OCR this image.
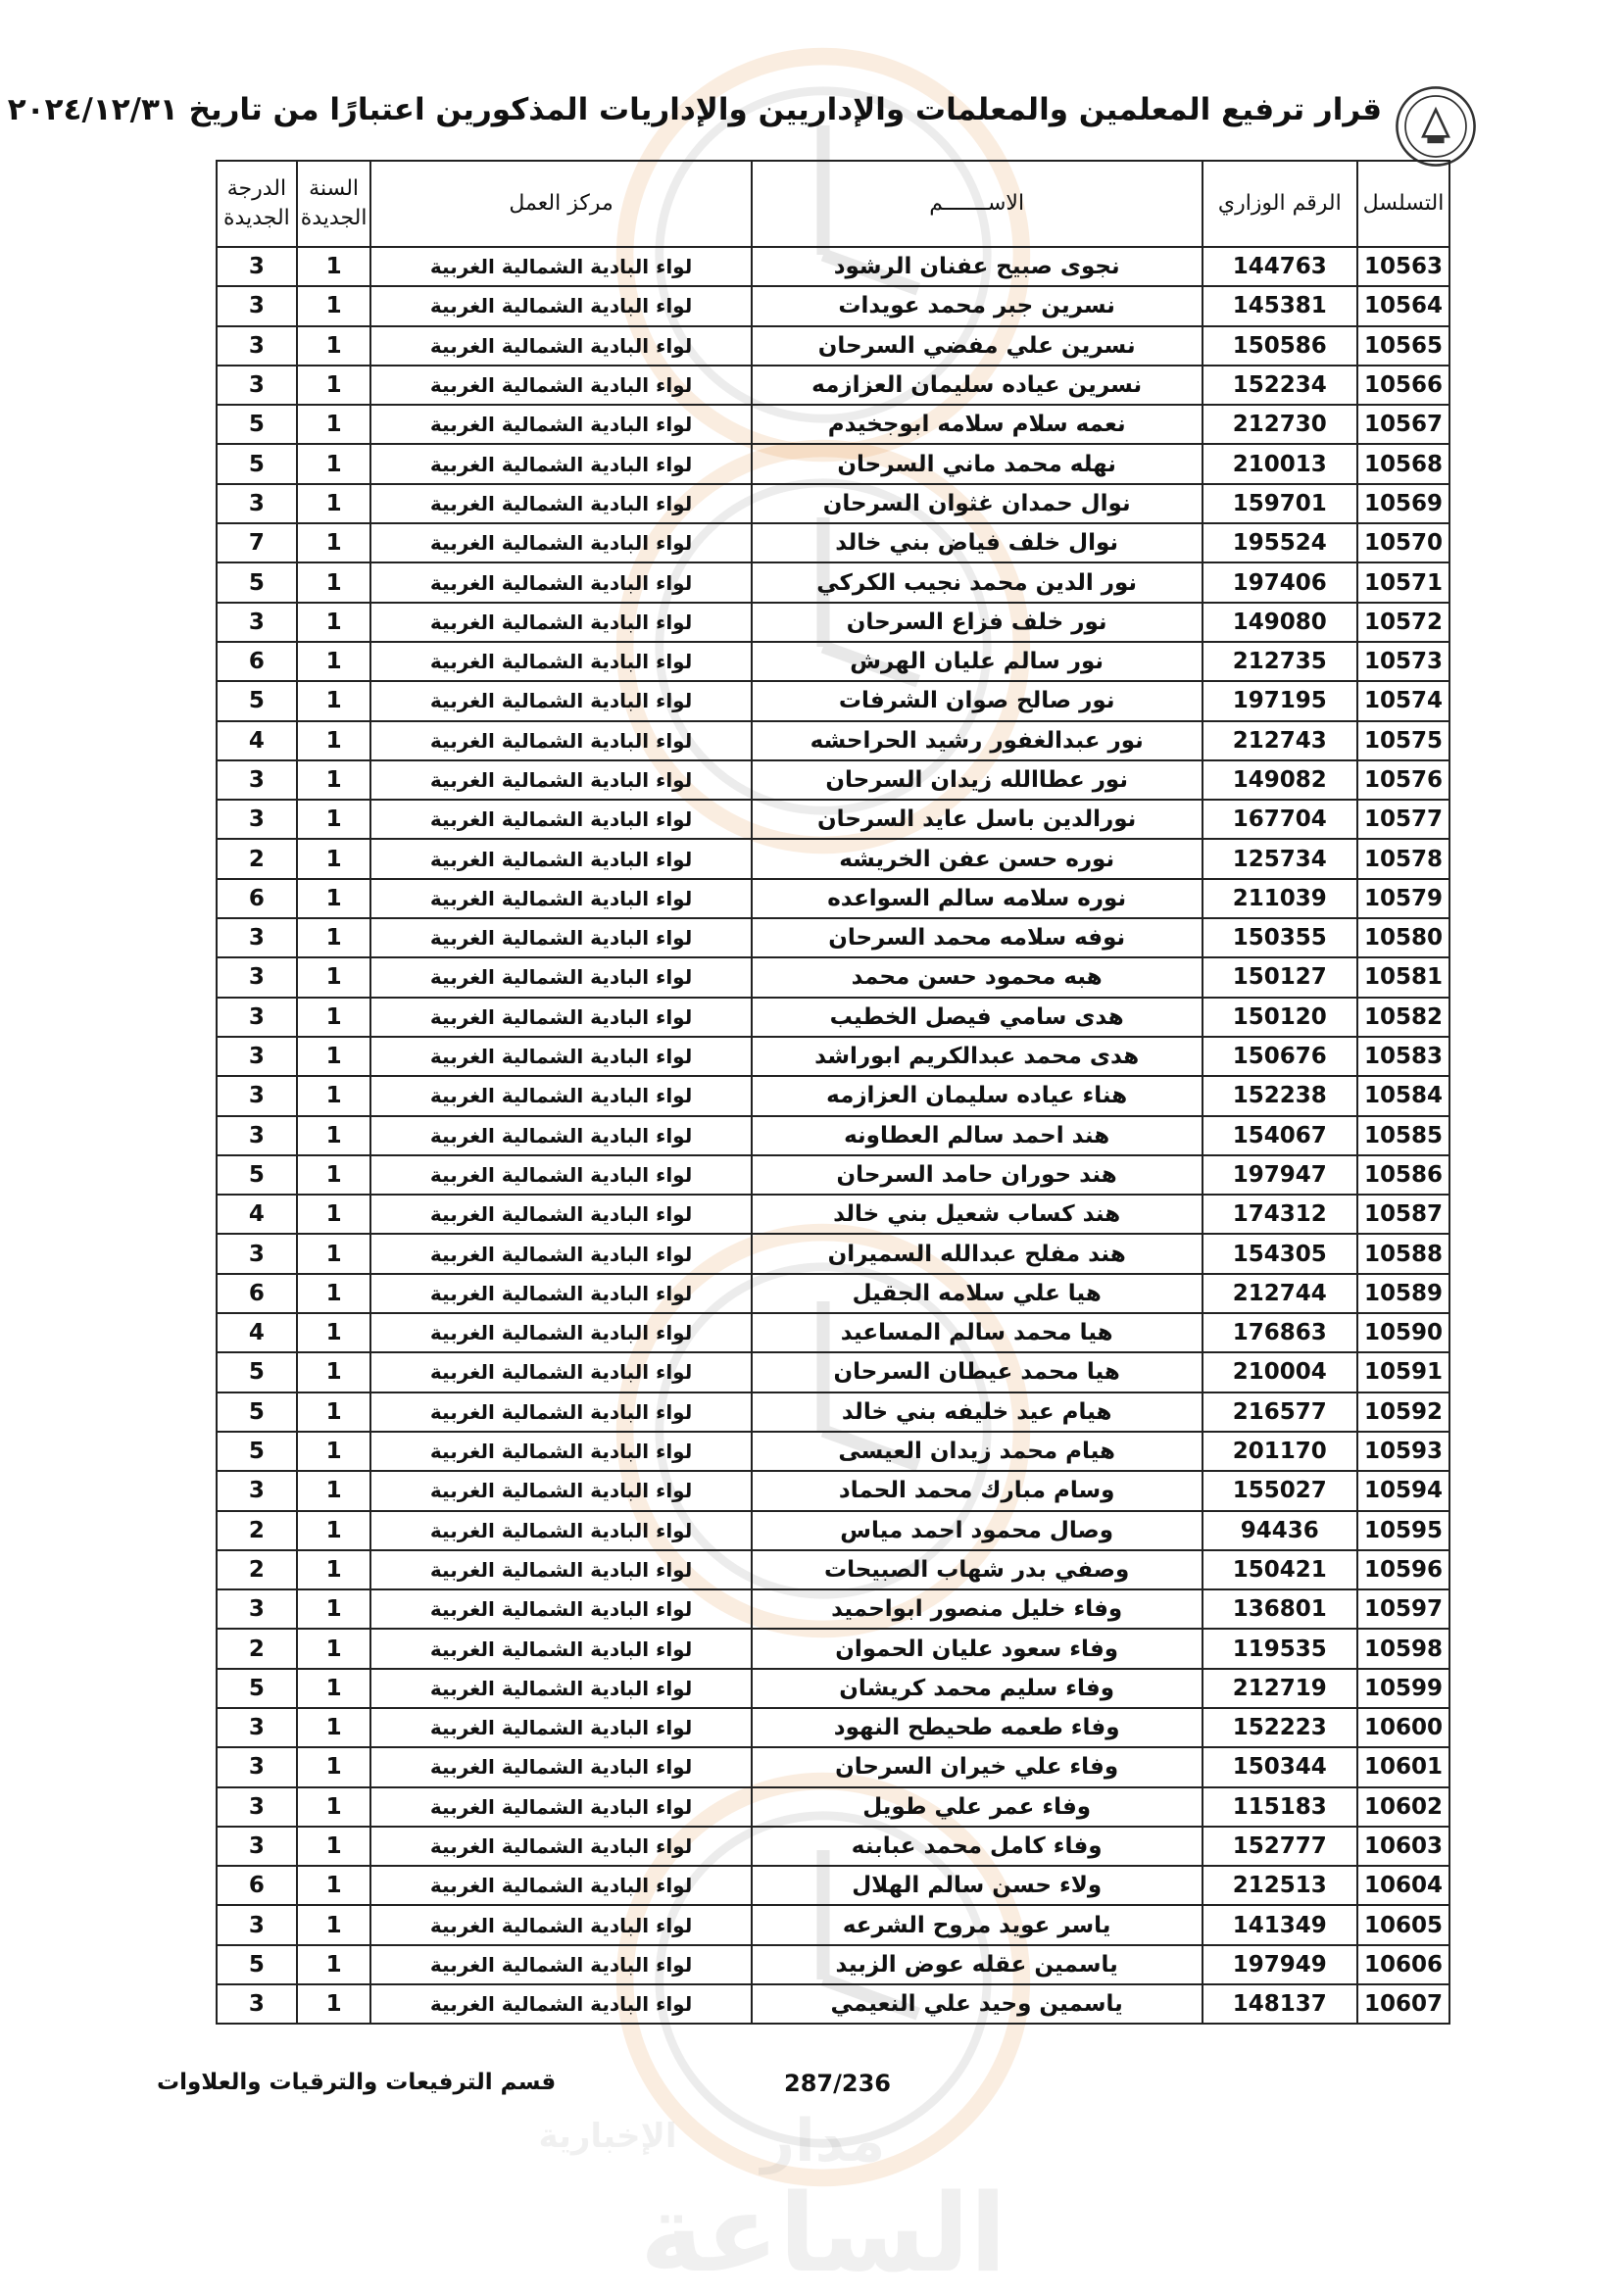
مدار
الساعة
الإخبارية
قرار ترفيع المعلمين والمعلمات والإداريين والإداريات المذكورين اعتبارًا من تاريخ ٢٠٢٤/١٢/٣١
التسلسل	الرقم الوزاري	الاســـــــم	مركز العمل	السنة الجديدة	الدرجة الجديدة
10563	144763	نجوى صبيح عفنان الرشود	لواء البادية الشمالية الغربية	1	3
10564	145381	نسرين جبر محمد عويدات	لواء البادية الشمالية الغربية	1	3
10565	150586	نسرين علي مفضي السرحان	لواء البادية الشمالية الغربية	1	3
10566	152234	نسرين عياده سليمان العزازمه	لواء البادية الشمالية الغربية	1	3
10567	212730	نعمه سلام سلامه ابوجخيدم	لواء البادية الشمالية الغربية	1	5
10568	210013	نهله محمد ماني السرحان	لواء البادية الشمالية الغربية	1	5
10569	159701	نوال حمدان غثوان السرحان	لواء البادية الشمالية الغربية	1	3
10570	195524	نوال خلف فياض بني خالد	لواء البادية الشمالية الغربية	1	7
10571	197406	نور الدين محمد نجيب الكركي	لواء البادية الشمالية الغربية	1	5
10572	149080	نور خلف فزاع السرحان	لواء البادية الشمالية الغربية	1	3
10573	212735	نور سالم عليان الهرش	لواء البادية الشمالية الغربية	1	6
10574	197195	نور صالح صوان الشرفات	لواء البادية الشمالية الغربية	1	5
10575	212743	نور عبدالغفور رشيد الحراحشه	لواء البادية الشمالية الغربية	1	4
10576	149082	نور عطاالله زيدان السرحان	لواء البادية الشمالية الغربية	1	3
10577	167704	نورالدين باسل عايد السرحان	لواء البادية الشمالية الغربية	1	3
10578	125734	نوره حسن عفن الخريشه	لواء البادية الشمالية الغربية	1	2
10579	211039	نوره سلامه سالم السواعده	لواء البادية الشمالية الغربية	1	6
10580	150355	نوفه سلامه محمد السرحان	لواء البادية الشمالية الغربية	1	3
10581	150127	هبه محمود حسن محمد	لواء البادية الشمالية الغربية	1	3
10582	150120	هدى سامي فيصل الخطيب	لواء البادية الشمالية الغربية	1	3
10583	150676	هدى محمد عبدالكريم ابوراشد	لواء البادية الشمالية الغربية	1	3
10584	152238	هناء عياده سليمان العزازمه	لواء البادية الشمالية الغربية	1	3
10585	154067	هند احمد سالم العطاونه	لواء البادية الشمالية الغربية	1	3
10586	197947	هند حوران حامد السرحان	لواء البادية الشمالية الغربية	1	5
10587	174312	هند كساب شعيل بني خالد	لواء البادية الشمالية الغربية	1	4
10588	154305	هند مفلح عبدالله السميران	لواء البادية الشمالية الغربية	1	3
10589	212744	هيا علي سلامه الجقيل	لواء البادية الشمالية الغربية	1	6
10590	176863	هيا محمد سالم المساعيد	لواء البادية الشمالية الغربية	1	4
10591	210004	هيا محمد عيطان السرحان	لواء البادية الشمالية الغربية	1	5
10592	216577	هيام عيد خليفه بني خالد	لواء البادية الشمالية الغربية	1	5
10593	201170	هيام محمد زيدان العيسى	لواء البادية الشمالية الغربية	1	5
10594	155027	وسام مبارك محمد الحماد	لواء البادية الشمالية الغربية	1	3
10595	94436	وصال محمود احمد مياس	لواء البادية الشمالية الغربية	1	2
10596	150421	وصفي بدر شهاب الصبيحات	لواء البادية الشمالية الغربية	1	2
10597	136801	وفاء خليل منصور ابواحميد	لواء البادية الشمالية الغربية	1	3
10598	119535	وفاء سعود عليان الحموان	لواء البادية الشمالية الغربية	1	2
10599	212719	وفاء سليم محمد كريشان	لواء البادية الشمالية الغربية	1	5
10600	152223	وفاء طعمه طحيطح النهود	لواء البادية الشمالية الغربية	1	3
10601	150344	وفاء علي خيران السرحان	لواء البادية الشمالية الغربية	1	3
10602	115183	وفاء عمر علي طويل	لواء البادية الشمالية الغربية	1	3
10603	152777	وفاء كامل محمد عبابنه	لواء البادية الشمالية الغربية	1	3
10604	212513	ولاء حسن سالم الهلال	لواء البادية الشمالية الغربية	1	6
10605	141349	ياسر عويد مروح الشرعه	لواء البادية الشمالية الغربية	1	3
10606	197949	ياسمين عقله عوض الزبيد	لواء البادية الشمالية الغربية	1	5
10607	148137	ياسمين وحيد علي النعيمي	لواء البادية الشمالية الغربية	1	3
قسم الترفيعات والترقيات والعلاوات	287/236
